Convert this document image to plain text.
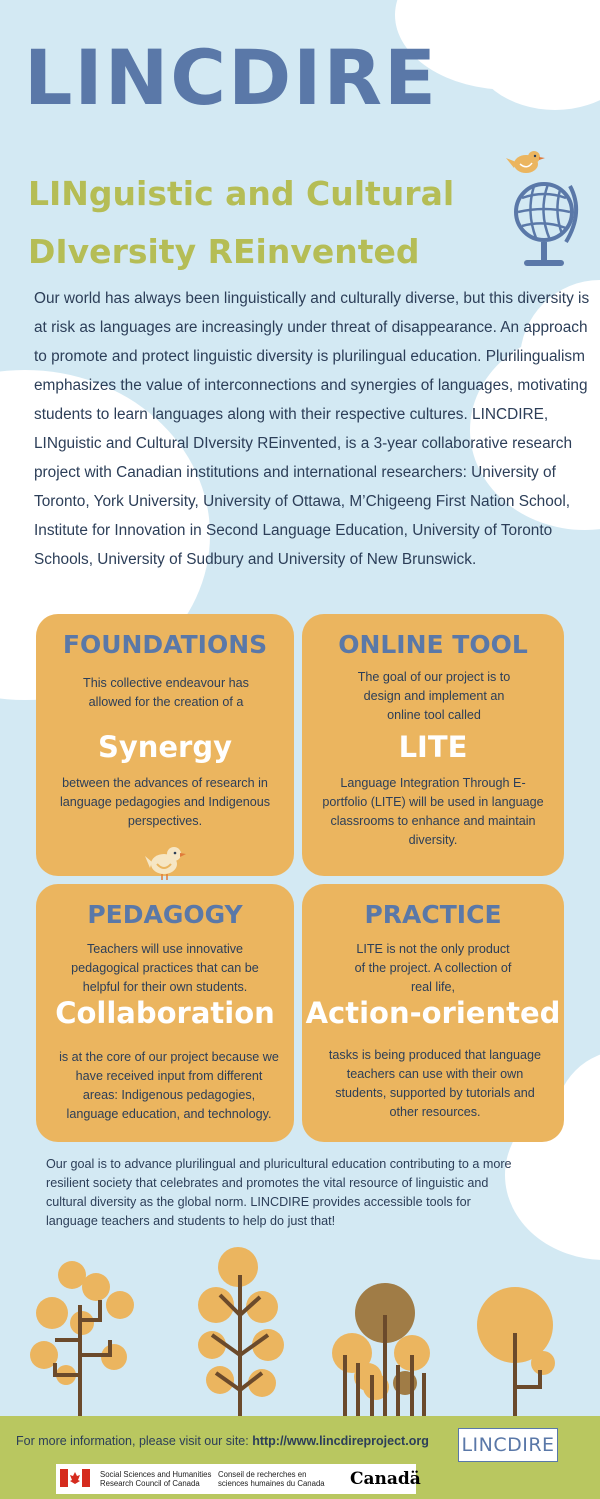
LINCDIRE
LINguistic and Cultural
DIversity REinvented

Our world has always been linguistically and culturally diverse, but this diversity is at risk as languages are increasingly under threat of disappearance. An approach to promote and protect linguistic diversity is plurilingual education. Plurilingualism emphasizes the value of interconnections and synergies of languages, motivating students to learn languages along with their respective cultures. LINCDIRE, LINguistic and Cultural DIversity REinvented, is a 3-year collaborative research project with Canadian institutions and international researchers: University of Toronto, York University, University of Ottawa, M’Chigeeng First Nation School, Institute for Innovation in Second Language Education, University of Toronto Schools, University of Sudbury and University of New Brunswick.

FOUNDATIONS

This collective endeavour has allowed for the creation of a

Synergy

between the advances of research in language pedagogies and Indigenous perspectives.

ONLINE TOOL

The goal of our project is to design and implement an online tool called

LITE

Language Integration Through E-portfolio (LITE) will be used in language classrooms to enhance and maintain diversity.

PEDAGOGY

Teachers will use innovative pedagogical practices that can be helpful for their own students.

Collaboration

is at the core of our project because we have received input from different areas: Indigenous pedagogies, language education, and technology.

PRACTICE

LITE is not the only product of the project. A collection of real life,

Action-oriented

tasks is being produced that language teachers can use with their own students, supported by tutorials and other resources.

Our goal is to advance plurilingual and pluricultural education contributing to a more resilient society that celebrates and promotes the vital resource of linguistic and cultural diversity as the global norm. LINCDIRE provides accessible tools for language teachers and students to help do just that!

For more information, please visit our site: http://www.lincdireproject.org	LINCDIRE
Social Sciences and Humanities Research Council of Canada
Conseil de recherches en sciences humaines du Canada	Canadä
